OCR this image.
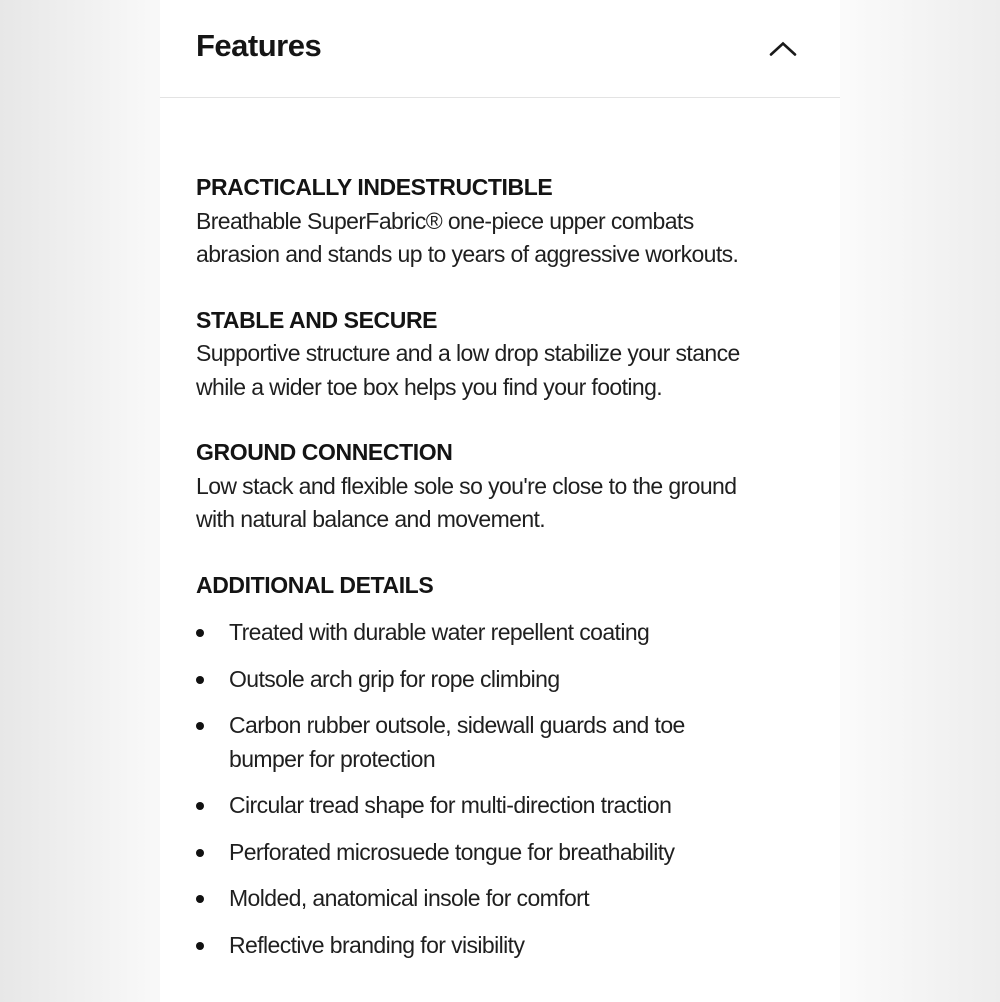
Features
PRACTICALLY INDESTRUCTIBLE
Breathable SuperFabric® one-piece upper combats
abrasion and stands up to years of aggressive workouts.
STABLE AND SECURE
Supportive structure and a low drop stabilize your stance
while a wider toe box helps you find your footing.
GROUND CONNECTION
Low stack and flexible sole so you're close to the ground
with natural balance and movement.
ADDITIONAL DETAILS
Treated with durable water repellent coating
Outsole arch grip for rope climbing
Carbon rubber outsole, sidewall guards and toe
bumper for protection
Circular tread shape for multi-direction traction
Perforated microsuede tongue for breathability
Molded, anatomical insole for comfort
Reflective branding for visibility
